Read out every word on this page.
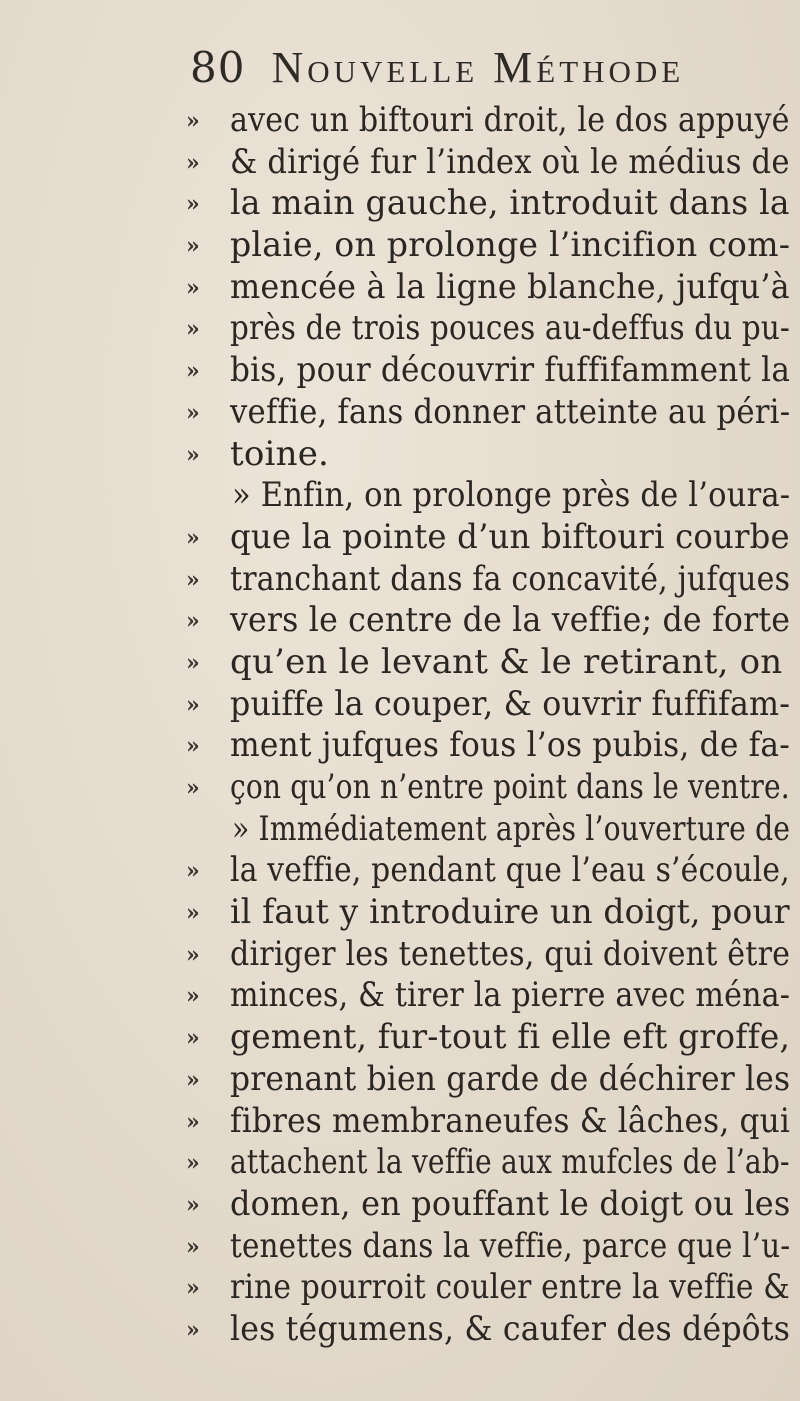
80 Nouvelle Méthode
» avec un biftouri droit, le dos appuyé
» & dirigé fur l’index où le médius de
» la main gauche, introduit dans la
» plaie, on prolonge l’incifion com-
» mencée à la ligne blanche, jufqu’à
» près de trois pouces au-deffus du pu-
» bis, pour découvrir fuffifamment la
» veffie, fans donner atteinte au péri-
» toine.
» Enfin, on prolonge près de l’oura-
» que la pointe d’un biftouri courbe
» tranchant dans fa concavité, jufques
» vers le centre de la veffie; de forte
» qu’en le levant & le retirant, on
» puiffe la couper, & ouvrir fuffifam-
» ment jufques fous l’os pubis, de fa-
» çon qu’on n’entre point dans le ventre.
» Immédiatement après l’ouverture de
» la veffie, pendant que l’eau s’écoule,
» il faut y introduire un doigt, pour
» diriger les tenettes, qui doivent être
» minces, & tirer la pierre avec ména-
» gement, fur-tout fi elle eft groffe,
» prenant bien garde de déchirer les
» fibres membraneufes & lâches, qui
» attachent la veffie aux mufcles de l’ab-
» domen, en pouffant le doigt ou les
» tenettes dans la veffie, parce que l’u-
» rine pourroit couler entre la veffie &
» les tégumens, & caufer des dépôts
